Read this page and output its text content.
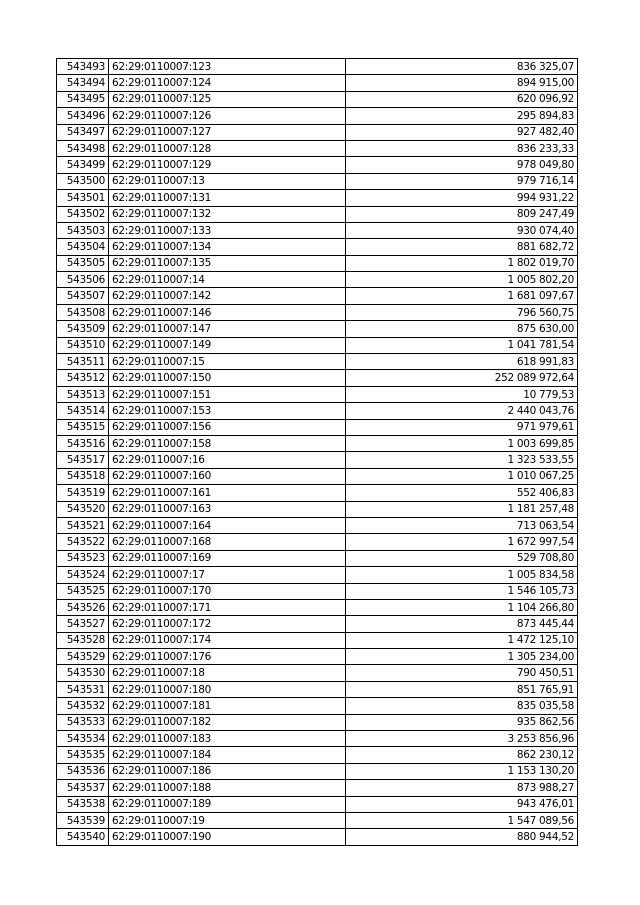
543493	62:29:0110007:123	836 325,07
543494	62:29:0110007:124	894 915,00
543495	62:29:0110007:125	620 096,92
543496	62:29:0110007:126	295 894,83
543497	62:29:0110007:127	927 482,40
543498	62:29:0110007:128	836 233,33
543499	62:29:0110007:129	978 049,80
543500	62:29:0110007:13	979 716,14
543501	62:29:0110007:131	994 931,22
543502	62:29:0110007:132	809 247,49
543503	62:29:0110007:133	930 074,40
543504	62:29:0110007:134	881 682,72
543505	62:29:0110007:135	1 802 019,70
543506	62:29:0110007:14	1 005 802,20
543507	62:29:0110007:142	1 681 097,67
543508	62:29:0110007:146	796 560,75
543509	62:29:0110007:147	875 630,00
543510	62:29:0110007:149	1 041 781,54
543511	62:29:0110007:15	618 991,83
543512	62:29:0110007:150	252 089 972,64
543513	62:29:0110007:151	10 779,53
543514	62:29:0110007:153	2 440 043,76
543515	62:29:0110007:156	971 979,61
543516	62:29:0110007:158	1 003 699,85
543517	62:29:0110007:16	1 323 533,55
543518	62:29:0110007:160	1 010 067,25
543519	62:29:0110007:161	552 406,83
543520	62:29:0110007:163	1 181 257,48
543521	62:29:0110007:164	713 063,54
543522	62:29:0110007:168	1 672 997,54
543523	62:29:0110007:169	529 708,80
543524	62:29:0110007:17	1 005 834,58
543525	62:29:0110007:170	1 546 105,73
543526	62:29:0110007:171	1 104 266,80
543527	62:29:0110007:172	873 445,44
543528	62:29:0110007:174	1 472 125,10
543529	62:29:0110007:176	1 305 234,00
543530	62:29:0110007:18	790 450,51
543531	62:29:0110007:180	851 765,91
543532	62:29:0110007:181	835 035,58
543533	62:29:0110007:182	935 862,56
543534	62:29:0110007:183	3 253 856,96
543535	62:29:0110007:184	862 230,12
543536	62:29:0110007:186	1 153 130,20
543537	62:29:0110007:188	873 988,27
543538	62:29:0110007:189	943 476,01
543539	62:29:0110007:19	1 547 089,56
543540	62:29:0110007:190	880 944,52
